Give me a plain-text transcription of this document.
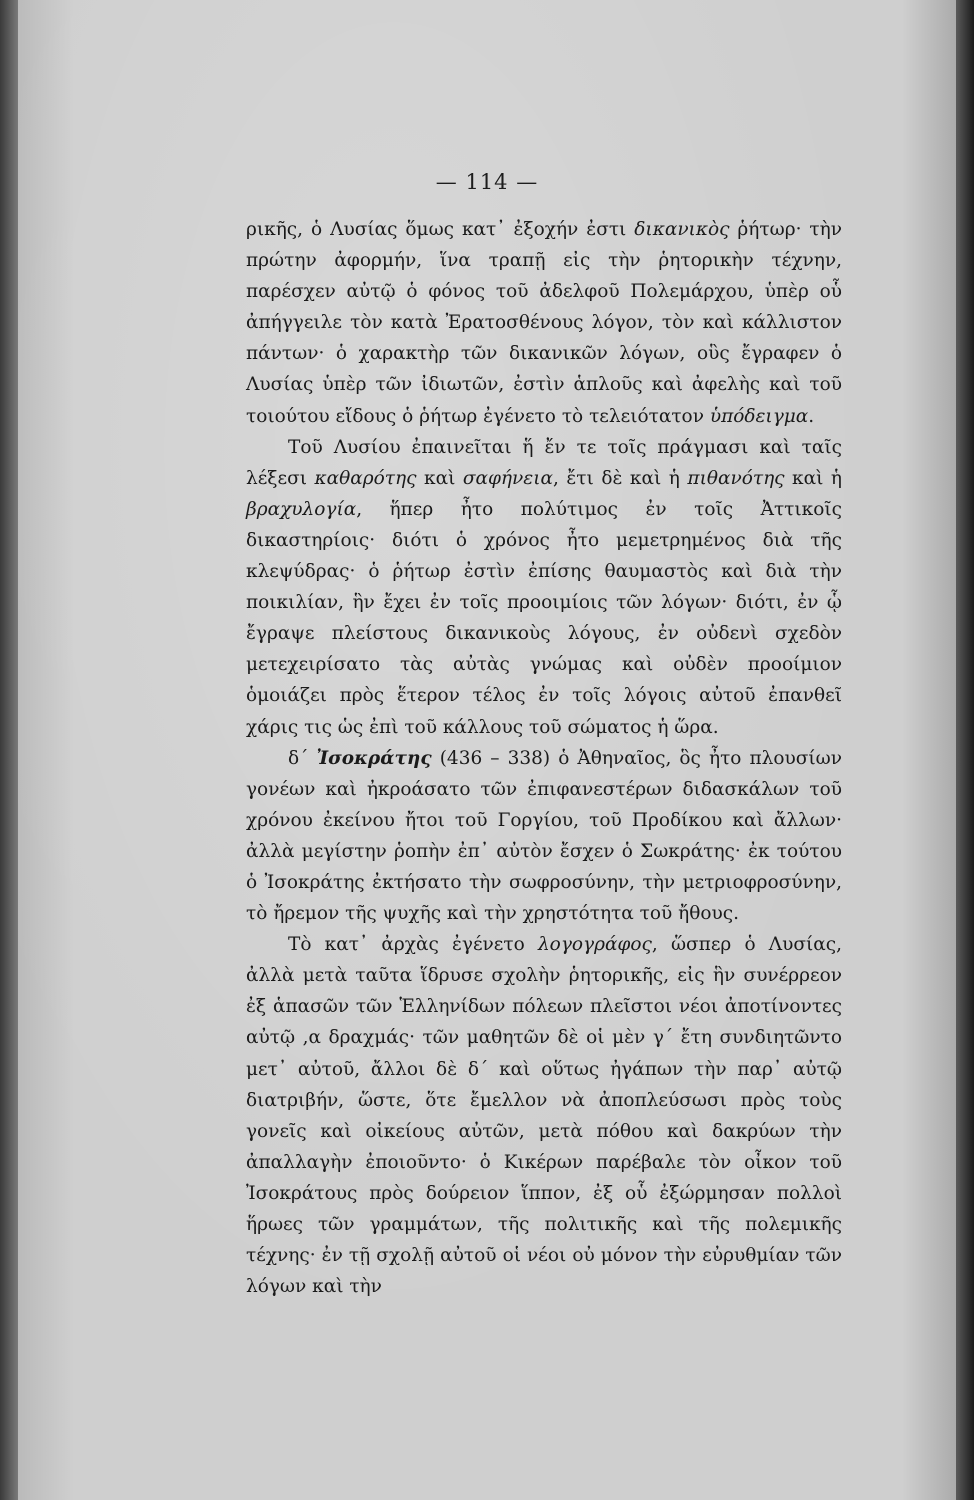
— 114 —

ρικῆς, ὁ Λυσίας ὅμως κατ᾽ ἐξοχήν ἐστι δικανικὸς ῥήτωρ· τὴν πρώτην ἀφορμήν, ἵνα τραπῇ εἰς τὴν ῥητορικὴν τέχνην, παρέσχεν αὐτῷ ὁ φόνος τοῦ ἀδελφοῦ Πολεμάρχου, ὑπὲρ οὗ ἀπήγγειλε τὸν κατὰ Ἐρατοσθένους λόγον, τὸν καὶ κάλλιστον πάντων· ὁ χαρακτὴρ τῶν δικανικῶν λόγων, οὓς ἔγραφεν ὁ Λυσίας ὑπὲρ τῶν ἰδιωτῶν, ἐστὶν ἁπλοῦς καὶ ἀφελὴς καὶ τοῦ τοιούτου εἴδους ὁ ῥήτωρ ἐγένετο τὸ τελειότατον ὑπόδειγμα.

Τοῦ Λυσίου ἐπαινεῖται ἥ ἔν τε τοῖς πράγμασι καὶ ταῖς λέξεσι καθαρότης καὶ σαφήνεια, ἔτι δὲ καὶ ἡ πιθανότης καὶ ἡ βραχυλογία, ἥπερ ἦτο πολύτιμος ἐν τοῖς Ἀττικοῖς δικαστηρίοις· διότι ὁ χρόνος ἦτο μεμετρημένος διὰ τῆς κλεψύδρας· ὁ ῥήτωρ ἐστὶν ἐπίσης θαυμαστὸς καὶ διὰ τὴν ποικιλίαν, ἣν ἔχει ἐν τοῖς προοιμίοις τῶν λόγων· διότι, ἐν ᾧ ἔγραψε πλείστους δικανικοὺς λόγους, ἐν οὐδενὶ σχεδὸν μετεχειρίσατο τὰς αὐτὰς γνώμας καὶ οὐδὲν προοίμιον ὁμοιάζει πρὸς ἕτερον τέλος ἐν τοῖς λόγοις αὐτοῦ ἐπανθεῖ χάρις τις ὡς ἐπὶ τοῦ κάλλους τοῦ σώματος ἡ ὥρα.

δ´ Ἰσοκράτης (436 – 338) ὁ Ἀθηναῖος, ὃς ἦτο πλουσίων γονέων καὶ ἠκροάσατο τῶν ἐπιφανεστέρων διδασκάλων τοῦ χρόνου ἐκείνου ἤτοι τοῦ Γοργίου, τοῦ Προδίκου καὶ ἄλλων· ἀλλὰ μεγίστην ῥοπὴν ἐπ᾽ αὐτὸν ἔσχεν ὁ Σωκράτης· ἐκ τούτου ὁ Ἰσοκράτης ἐκτήσατο τὴν σωφροσύνην, τὴν μετριοφροσύνην, τὸ ἤρεμον τῆς ψυχῆς καὶ τὴν χρηστότητα τοῦ ἤθους.

Τὸ κατ᾽ ἀρχὰς ἐγένετο λογογράφος, ὥσπερ ὁ Λυσίας, ἀλλὰ μετὰ ταῦτα ἵδρυσε σχολὴν ῥητορικῆς, εἰς ἣν συνέρρεον ἐξ ἁπασῶν τῶν Ἑλληνίδων πόλεων πλεῖστοι νέοι ἀποτίνοντες αὐτῷ ,α δραχμάς· τῶν μαθητῶν δὲ οἱ μὲν γ´ ἔτη συνδιητῶντο μετ᾽ αὐτοῦ, ἄλλοι δὲ δ´ καὶ οὕτως ἠγάπων τὴν παρ᾽ αὐτῷ διατριβήν, ὥστε, ὅτε ἔμελλον νὰ ἀποπλεύσωσι πρὸς τοὺς γονεῖς καὶ οἰκείους αὐτῶν, μετὰ πόθου καὶ δακρύων τὴν ἀπαλλαγὴν ἐποιοῦντο· ὁ Κικέρων παρέβαλε τὸν οἶκον τοῦ Ἰσοκράτους πρὸς δούρειον ἵππον, ἐξ οὗ ἐξώρμησαν πολλοὶ ἥρωες τῶν γραμμάτων, τῆς πολιτικῆς καὶ τῆς πολεμικῆς τέχνης· ἐν τῇ σχολῇ αὐτοῦ οἱ νέοι οὐ μόνον τὴν εὐρυθμίαν τῶν λόγων καὶ τὴν
